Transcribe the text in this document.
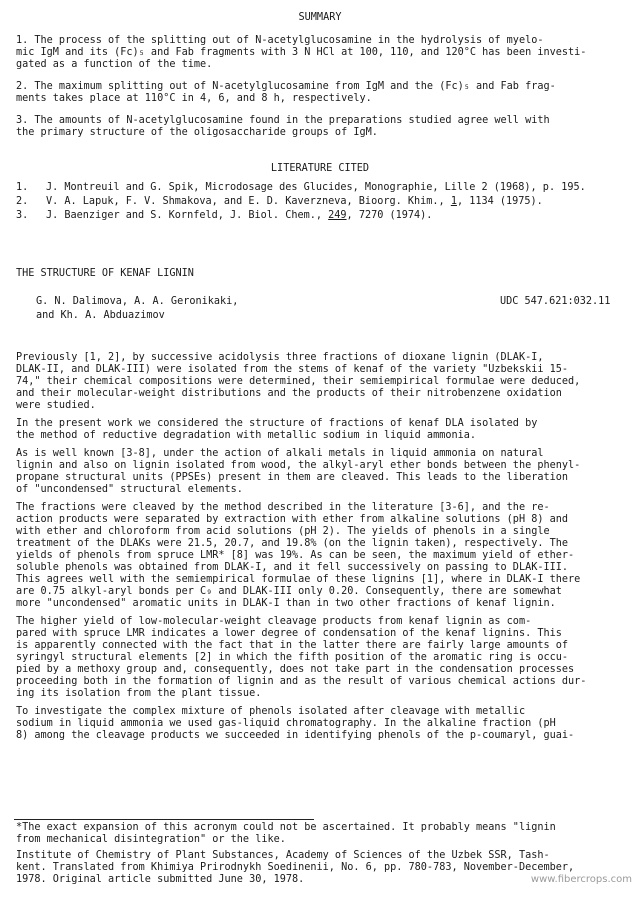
SUMMARY
1. The process of the splitting out of N-acetylglucosamine in the hydrolysis of myelo-
mic IgM and its (Fc)₅ and Fab fragments with 3 N HCl at 100, 110, and 120°C has been investi-
gated as a function of the time.
2. The maximum splitting out of N-acetylglucosamine from IgM and the (Fc)₅ and Fab frag-
ments takes place at 110°C in 4, 6, and 8 h, respectively.
3. The amounts of N-acetylglucosamine found in the preparations studied agree well with
the primary structure of the oligosaccharide groups of IgM.
LITERATURE CITED
1. J. Montreuil and G. Spik, Microdosage des Glucides, Monographie, Lille 2 (1968), p. 195.
2. V. A. Lapuk, F. V. Shmakova, and E. D. Kaverzneva, Bioorg. Khim., 1, 1134 (1975).
3. J. Baenziger and S. Kornfeld, J. Biol. Chem., 249, 7270 (1974).
THE STRUCTURE OF KENAF LIGNIN
G. N. Dalimova, A. A. Geronikaki,
and Kh. A. Abduazimov
UDC 547.621:032.11
Previously [1, 2], by successive acidolysis three fractions of dioxane lignin (DLAK-I,
DLAK-II, and DLAK-III) were isolated from the stems of kenaf of the variety "Uzbekskii 15-
74," their chemical compositions were determined, their semiempirical formulae were deduced,
and their molecular-weight distributions and the products of their nitrobenzene oxidation
were studied.
In the present work we considered the structure of fractions of kenaf DLA isolated by
the method of reductive degradation with metallic sodium in liquid ammonia.
As is well known [3-8], under the action of alkali metals in liquid ammonia on natural
lignin and also on lignin isolated from wood, the alkyl-aryl ether bonds between the phenyl-
propane structural units (PPSEs) present in them are cleaved. This leads to the liberation
of "uncondensed" structural elements.
The fractions were cleaved by the method described in the literature [3-6], and the re-
action products were separated by extraction with ether from alkaline solutions (pH 8) and
with ether and chloroform from acid solutions (pH 2). The yields of phenols in a single
treatment of the DLAKs were 21.5, 20.7, and 19.8% (on the lignin taken), respectively. The
yields of phenols from spruce LMR* [8] was 19%. As can be seen, the maximum yield of ether-
soluble phenols was obtained from DLAK-I, and it fell successively on passing to DLAK-III.
This agrees well with the semiempirical formulae of these lignins [1], where in DLAK-I there
are 0.75 alkyl-aryl bonds per C₉ and DLAK-III only 0.20. Consequently, there are somewhat
more "uncondensed" aromatic units in DLAK-I than in two other fractions of kenaf lignin.
The higher yield of low-molecular-weight cleavage products from kenaf lignin as com-
pared with spruce LMR indicates a lower degree of condensation of the kenaf lignins. This
is apparently connected with the fact that in the latter there are fairly large amounts of
syringyl structural elements [2] in which the fifth position of the aromatic ring is occu-
pied by a methoxy group and, consequently, does not take part in the condensation processes
proceeding both in the formation of lignin and as the result of various chemical actions dur-
ing its isolation from the plant tissue.
To investigate the complex mixture of phenols isolated after cleavage with metallic
sodium in liquid ammonia we used gas-liquid chromatography. In the alkaline fraction (pH
8) among the cleavage products we succeeded in identifying phenols of the p-coumaryl, guai-
*The exact expansion of this acronym could not be ascertained. It probably means "lignin
from mechanical disintegration" or the like.
Institute of Chemistry of Plant Substances, Academy of Sciences of the Uzbek SSR, Tash-
kent. Translated from Khimiya Prirodnykh Soedinenii, No. 6, pp. 780-783, November-December,
1978. Original article submitted June 30, 1978.	www.fibercrops.com
